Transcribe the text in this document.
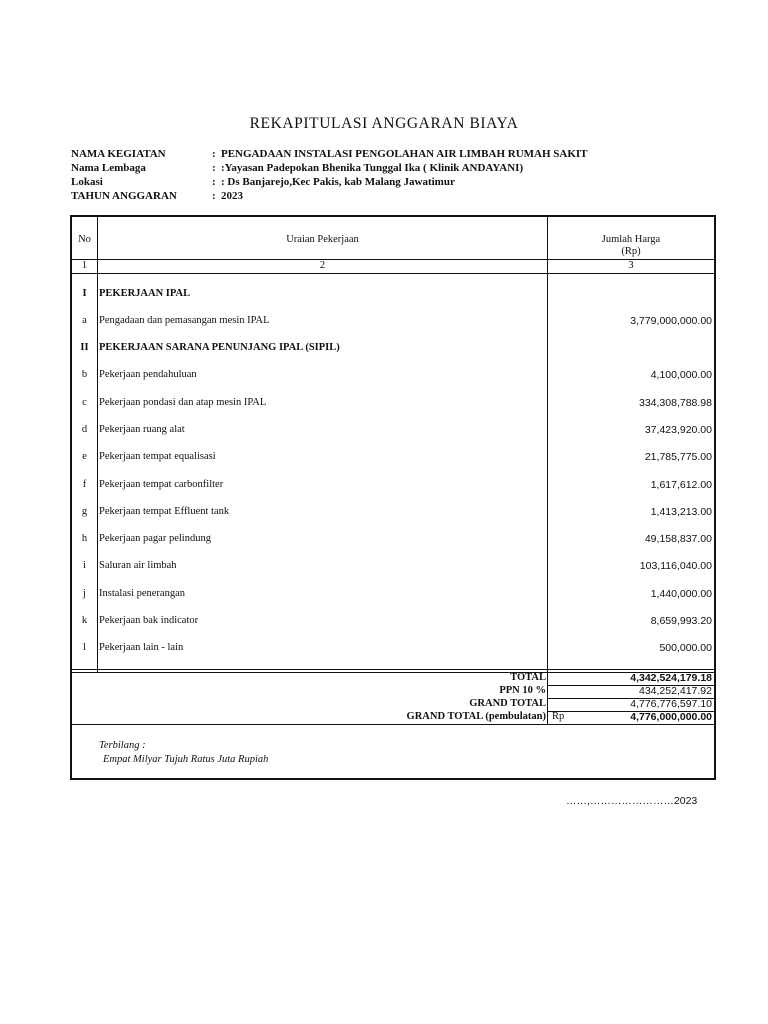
REKAPITULASI ANGGARAN BIAYA
NAMA KEGIATAN	: PENGADAAN INSTALASI PENGOLAHAN AIR LIMBAH RUMAH SAKIT
Nama Lembaga	: :Yayasan Padepokan Bhenika Tunggal Ika ( Klinik ANDAYANI)
Lokasi	: : Ds Banjarejo,Kec Pakis, kab Malang Jawatimur
TAHUN ANGGARAN	: 2023
No	Uraian Pekerjaan	Jumlah Harga
(Rp)
1	2	3
I	PEKERJAAN IPAL
a	Pengadaan dan pemasangan mesin IPAL	3,779,000,000.00
II PEKERJAAN SARANA PENUNJANG IPAL (SIPIL)
b	Pekerjaan pendahuluan	4,100,000.00
c	Pekerjaan pondasi dan atap mesin IPAL	334,308,788.98
d	Pekerjaan ruang alat	37,423,920.00
e	Pekerjaan tempat equalisasi	21,785,775.00
f	Pekerjaan tempat carbonfilter	1,617,612.00
g	Pekerjaan tempat Effluent tank	1,413,213.00
h	Pekerjaan pagar pelindung	49,158,837.00
i	Saluran air limbah	103,116,040.00
j	Instalasi penerangan	1,440,000.00
k	Pekerjaan bak indicator	8,659,993.20
l	Pekerjaan lain - lain	500,000.00
TOTAL	4,342,524,179.18
PPN 10 %	434,252,417.92
GRAND TOTAL	4,776,776,597.10
GRAND TOTAL (pembulatan) Rp	4,776,000,000.00
Terbilang :
Empat Milyar Tujuh Ratus Juta Rupiah
……,……………………2023
